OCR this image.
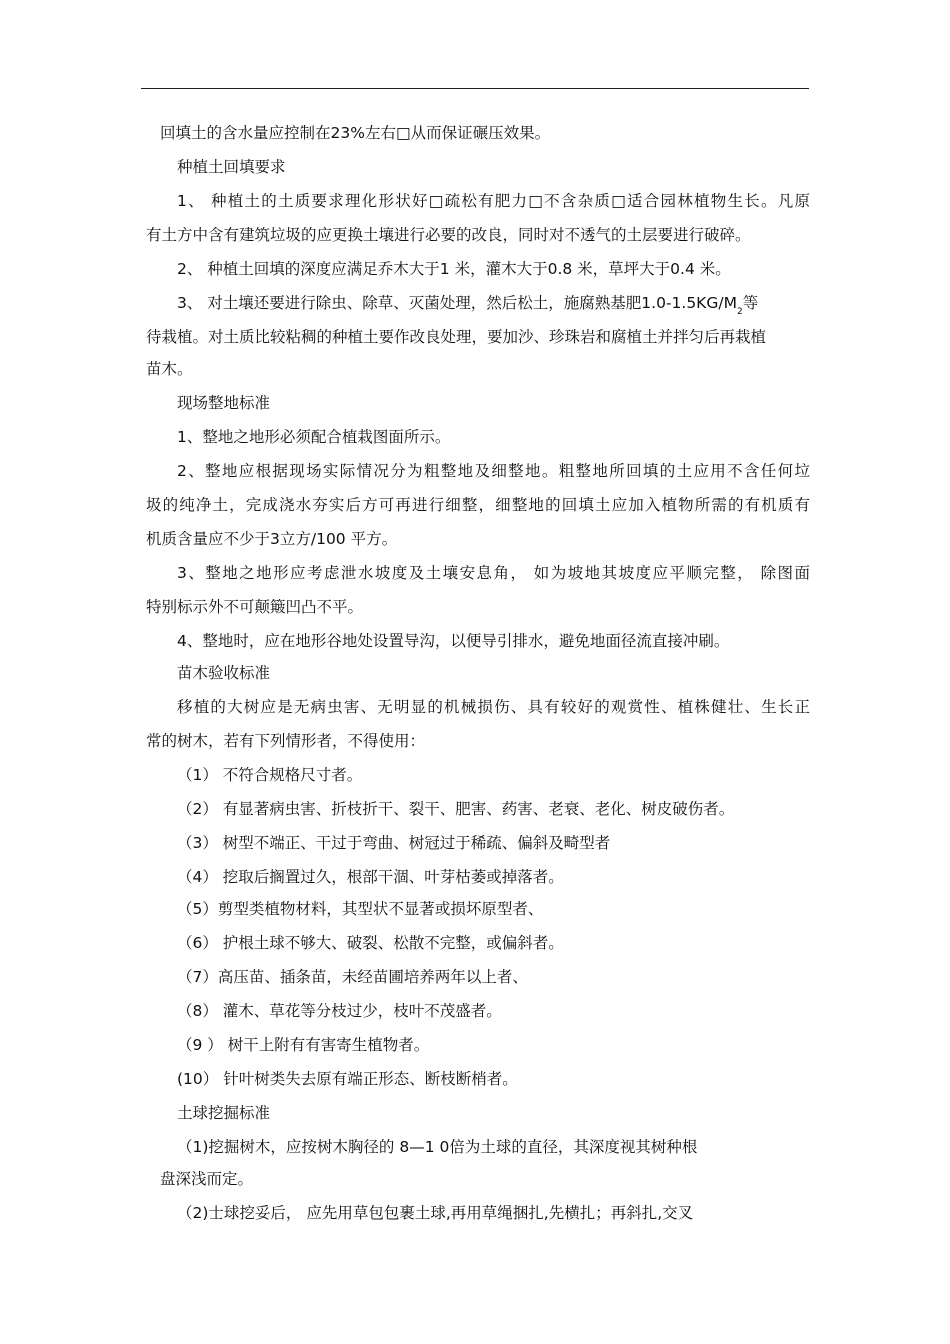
回填土的含水量应控制在23%左右□从而保证碾压效果。

种植土回填要求

1、 种植土的土质要求理化形状好□疏松有肥力□不含杂质□适合园林植物生长。凡原

有土方中含有建筑垃圾的应更换土壤进行必要的改良，同时对不透气的土层要进行破碎。

2、 种植土回填的深度应满足乔木大于1 米，灌木大于0.8 米，草坪大于0.4 米。

3、 对土壤还要进行除虫、除草、灭菌处理，然后松土，施腐熟基肥$1.0-1.5KG/M_2$等

待栽植。对土质比较粘稠的种植土要作改良处理，要加沙、珍珠岩和腐植土并拌匀后再栽植

苗木。

现场整地标准

1、整地之地形必须配合植栽图面所示。

2、整地应根据现场实际情况分为粗整地及细整地。粗整地所回填的土应用不含任何垃

圾的纯净土，完成浇水夯实后方可再进行细整，细整地的回填土应加入植物所需的有机质有

机质含量应不少于3立方/100 平方。

3、整地之地形应考虑泄水坡度及土壤安息角， 如为坡地其坡度应平顺完整， 除图面

特别标示外不可颠簸凹凸不平。

4、整地时，应在地形谷地处设置导沟，以便导引排水，避免地面径流直接冲刷。

苗木验收标准

移植的大树应是无病虫害、无明显的机械损伤、具有较好的观赏性、植株健壮、生长正

常的树木，若有下列情形者，不得使用：

（1） 不符合规格尺寸者。

（2） 有显著病虫害、折枝折干、裂干、肥害、药害、老衰、老化、树皮破伤者。

（3） 树型不端正、干过于弯曲、树冠过于稀疏、偏斜及畸型者

（4） 挖取后搁置过久，根部干涸、叶芽枯萎或掉落者。

（5）剪型类植物材料，其型状不显著或损坏原型者、

（6） 护根土球不够大、破裂、松散不完整，或偏斜者。

（7）高压苗、插条苗，未经苗圃培养两年以上者、

（8） 灌木、草花等分枝过少，枝叶不茂盛者。

（9 ） 树干上附有有害寄生植物者。

(10） 针叶树类失去原有端正形态、断枝断梢者。

土球挖掘标准

（1)挖掘树木，应按树木胸径的 8—1 0倍为土球的直径，其深度视其树种根

盘深浅而定。

（2)士球挖妥后， 应先用草包包裹土球,再用草绳捆扎,先横扎；再斜扎,交叉
